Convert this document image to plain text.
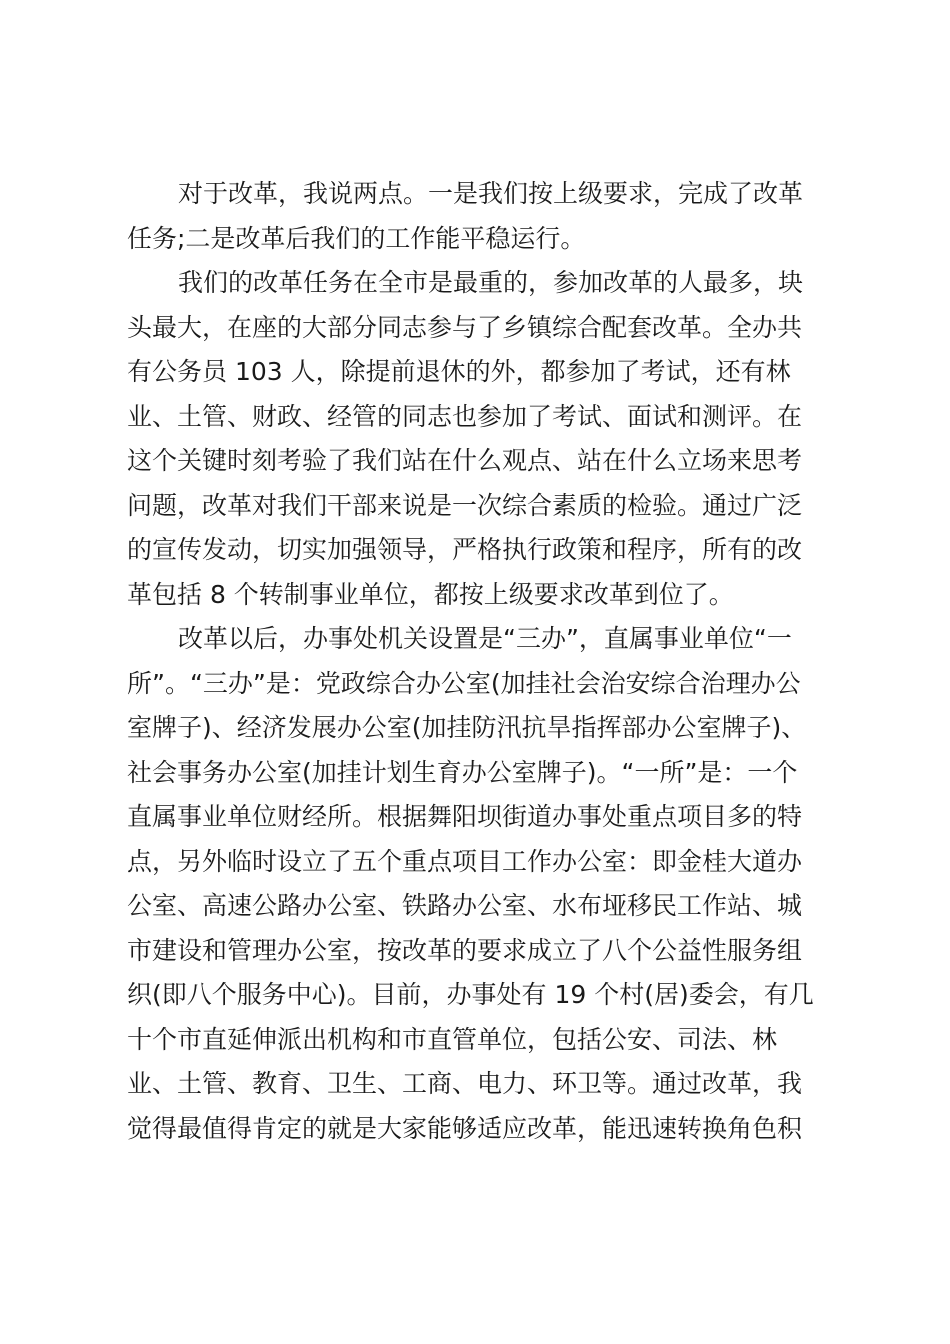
对于改革，我说两点。一是我们按上级要求，完成了改革
任务;二是改革后我们的工作能平稳运行。
我们的改革任务在全市是最重的，参加改革的人最多，块
头最大，在座的大部分同志参与了乡镇综合配套改革。全办共
有公务员 103 人，除提前退休的外，都参加了考试，还有林
业、土管、财政、经管的同志也参加了考试、面试和测评。在
这个关键时刻考验了我们站在什么观点、站在什么立场来思考
问题，改革对我们干部来说是一次综合素质的检验。通过广泛
的宣传发动，切实加强领导，严格执行政策和程序，所有的改
革包括 8 个转制事业单位，都按上级要求改革到位了。
改革以后，办事处机关设置是“三办”，直属事业单位“一
所”。“三办”是：党政综合办公室(加挂社会治安综合治理办公
室牌子)、经济发展办公室(加挂防汛抗旱指挥部办公室牌子)、
社会事务办公室(加挂计划生育办公室牌子)。“一所”是：一个
直属事业单位财经所。根据舞阳坝街道办事处重点项目多的特
点，另外临时设立了五个重点项目工作办公室：即金桂大道办
公室、高速公路办公室、铁路办公室、水布垭移民工作站、城
市建设和管理办公室，按改革的要求成立了八个公益性服务组
织(即八个服务中心)。目前，办事处有 19 个村(居)委会，有几
十个市直延伸派出机构和市直管单位，包括公安、司法、林
业、土管、教育、卫生、工商、电力、环卫等。通过改革，我
觉得最值得肯定的就是大家能够适应改革，能迅速转换角色积
